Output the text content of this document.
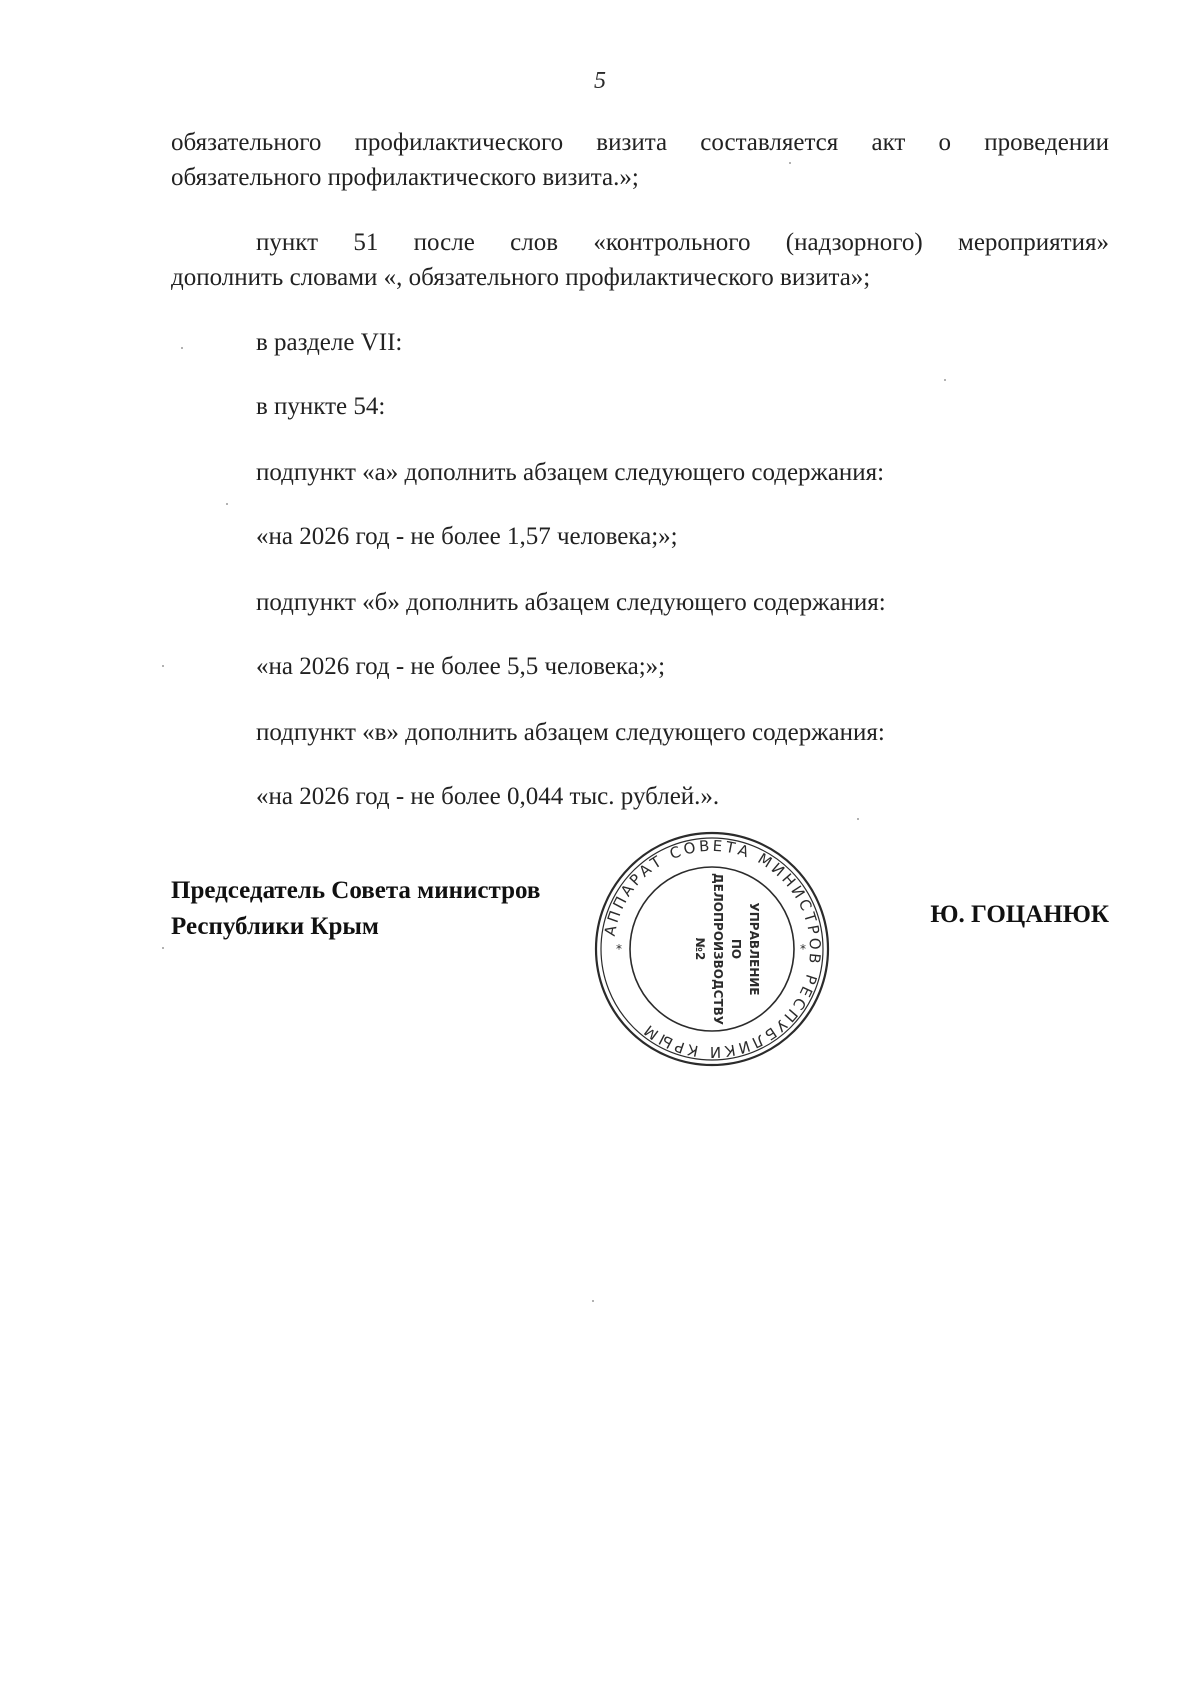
5

обязательного профилактического визита составляется акт о проведении

обязательного профилактического визита.»;

пункт 51 после слов «контрольного (надзорного) мероприятия»

дополнить словами «, обязательного профилактического визита»;

в разделе VII:

в пункте 54:

подпункт «а» дополнить абзацем следующего содержания:

«на 2026 год - не более 1,57 человека;»;

подпункт «б» дополнить абзацем следующего содержания:

«на 2026 год - не более 5,5 человека;»;

подпункт «в» дополнить абзацем следующего содержания:

«на 2026 год - не более 0,044 тыс. рублей.».

Председатель Совета министров
Республики Крым	Ю. ГОЦАНЮК
АППАРАТ СОВЕТА МИНИСТРОВ РЕСПУБЛИКИ КРЫМ
*	*
УПРАВЛЕНИЕ
ПО
ДЕЛОПРОИЗВОДСТВУ
№2
